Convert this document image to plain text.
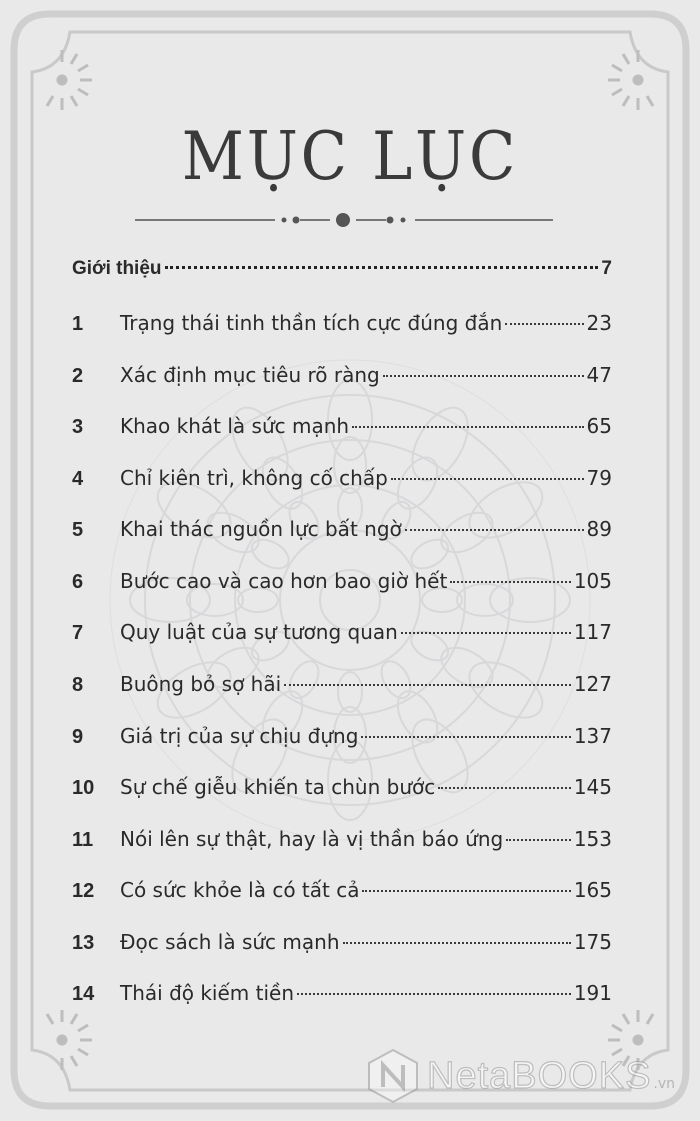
MỤC LỤC
Giới thiệu	7
1	Trạng thái tinh thần tích cực đúng đắn	23
2	Xác định mục tiêu rõ ràng	47
3	Khao khát là sức mạnh	65
4	Chỉ kiên trì, không cố chấp	79
5	Khai thác nguồn lực bất ngờ	89
6	Bước cao và cao hơn bao giờ hết	105
7	Quy luật của sự tương quan	117
8	Buông bỏ sợ hãi	127
9	Giá trị của sự chịu đựng	137
10	Sự chế giễu khiến ta chùn bước	145
11	Nói lên sự thật, hay là vị thần báo ứng	153
12	Có sức khỏe là có tất cả	165
13	Đọc sách là sức mạnh	175
14	Thái độ kiếm tiền	191
NetaBOOKS .vn
